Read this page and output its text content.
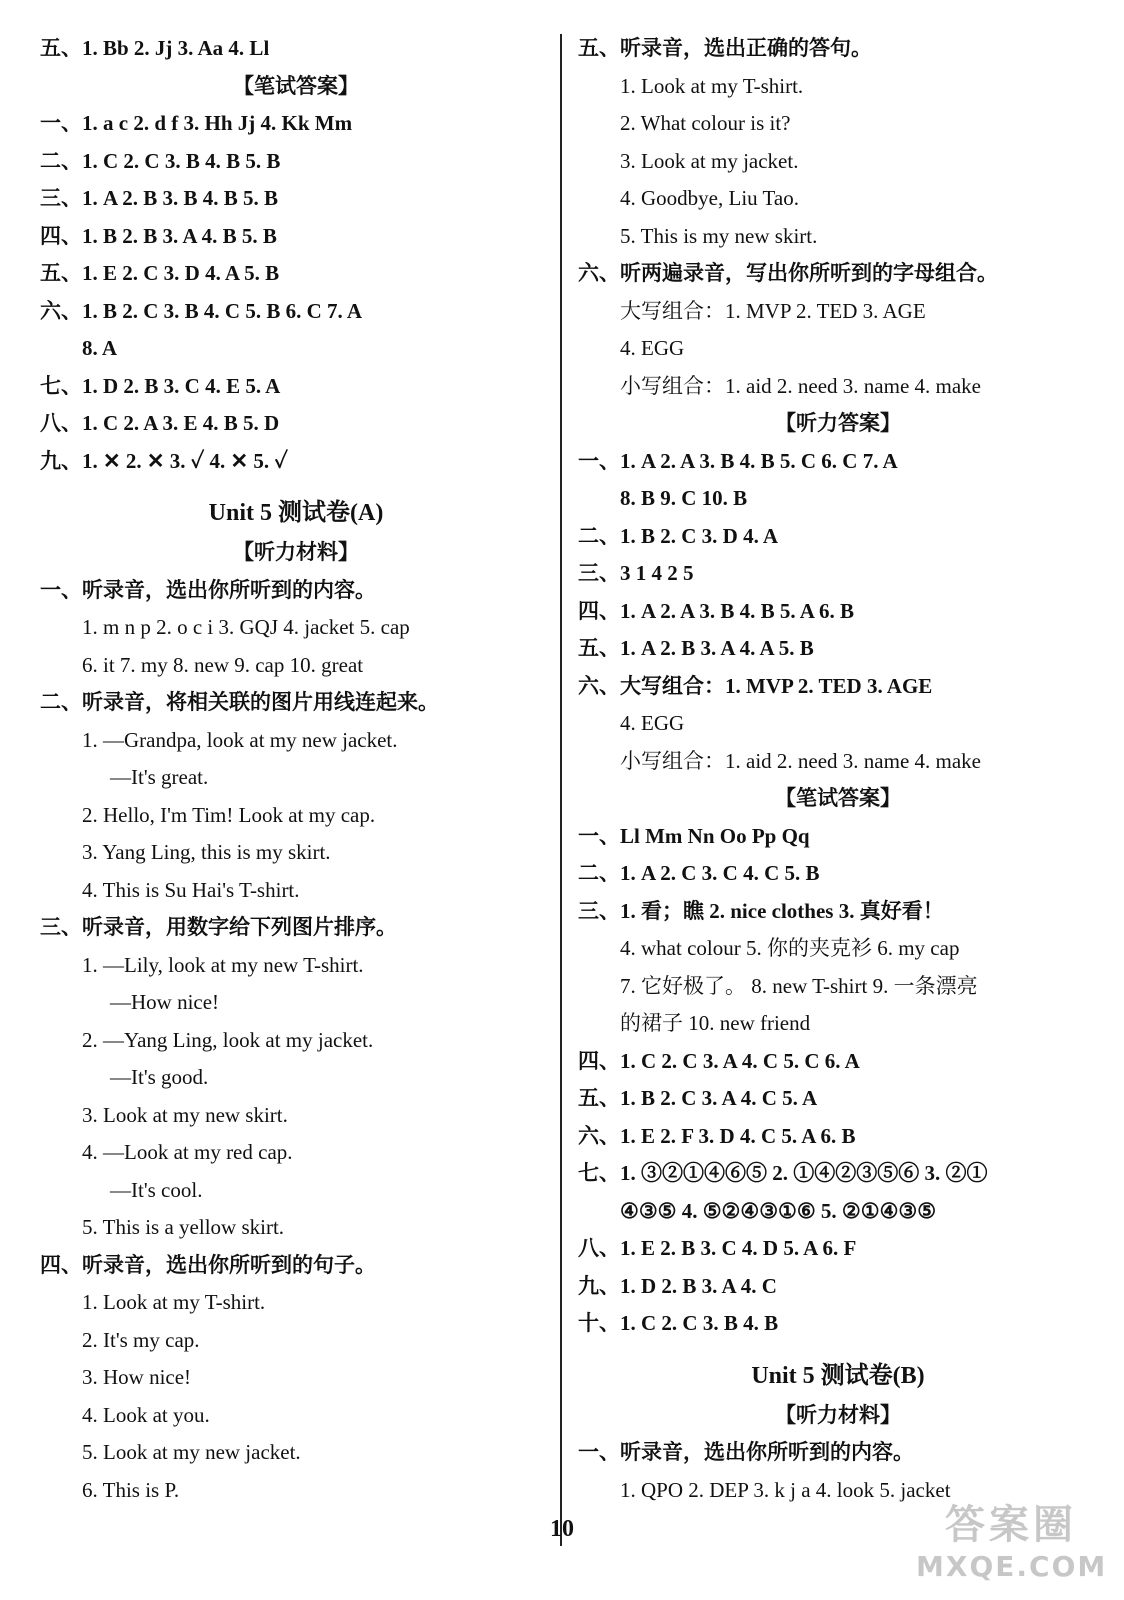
五、1. Bb 2. Jj 3. Aa 4. Ll
【笔试答案】
一、1. a c 2. d f 3. Hh Jj 4. Kk Mm
二、1. C 2. C 3. B 4. B 5. B
三、1. A 2. B 3. B 4. B 5. B
四、1. B 2. B 3. A 4. B 5. B
五、1. E 2. C 3. D 4. A 5. B
六、1. B 2. C 3. B 4. C 5. B 6. C 7. A
8. A
七、1. D 2. B 3. C 4. E 5. A
八、1. C 2. A 3. E 4. B 5. D
九、1. ✕ 2. ✕ 3. ✓ 4. ✕ 5. ✓
Unit 5 测试卷(A)
【听力材料】
一、听录音，选出你所听到的内容。
1. m n p 2. o c i 3. GQJ 4. jacket 5. cap
6. it 7. my 8. new 9. cap 10. great
二、听录音，将相关联的图片用线连起来。
1. —Grandpa, look at my new jacket.
—It's great.
2. Hello, I'm Tim! Look at my cap.
3. Yang Ling, this is my skirt.
4. This is Su Hai's T-shirt.
三、听录音，用数字给下列图片排序。
1. —Lily, look at my new T-shirt.
—How nice!
2. —Yang Ling, look at my jacket.
—It's good.
3. Look at my new skirt.
4. —Look at my red cap.
—It's cool.
5. This is a yellow skirt.
四、听录音，选出你所听到的句子。
1. Look at my T-shirt.
2. It's my cap.
3. How nice!
4. Look at you.
5. Look at my new jacket.
6. This is P.
五、听录音，选出正确的答句。
1. Look at my T-shirt.
2. What colour is it?
3. Look at my jacket.
4. Goodbye, Liu Tao.
5. This is my new skirt.
六、听两遍录音，写出你所听到的字母组合。
大写组合：1. MVP 2. TED 3. AGE
4. EGG
小写组合：1. aid 2. need 3. name 4. make
【听力答案】
一、1. A 2. A 3. B 4. B 5. C 6. C 7. A
8. B 9. C 10. B
二、1. B 2. C 3. D 4. A
三、3 1 4 2 5
四、1. A 2. A 3. B 4. B 5. A 6. B
五、1. A 2. B 3. A 4. A 5. B
六、大写组合：1. MVP 2. TED 3. AGE
4. EGG
小写组合：1. aid 2. need 3. name 4. make
【笔试答案】
一、Ll Mm Nn Oo Pp Qq
二、1. A 2. C 3. C 4. C 5. B
三、1. 看；瞧 2. nice clothes 3. 真好看！
4. what colour 5. 你的夹克衫 6. my cap
7. 它好极了。 8. new T-shirt 9. 一条漂亮
的裙子 10. new friend
四、1. C 2. C 3. A 4. C 5. C 6. A
五、1. B 2. C 3. A 4. C 5. A
六、1. E 2. F 3. D 4. C 5. A 6. B
七、1. ③②①④⑥⑤ 2. ①④②③⑤⑥ 3. ②①
④③⑤ 4. ⑤②④③①⑥ 5. ②①④③⑤
八、1. E 2. B 3. C 4. D 5. A 6. F
九、1. D 2. B 3. A 4. C
十、1. C 2. C 3. B 4. B
Unit 5 测试卷(B)
【听力材料】
一、听录音，选出你所听到的内容。
1. QPO 2. DEP 3. k j a 4. look 5. jacket
10	答案圈
MXQE.COM
